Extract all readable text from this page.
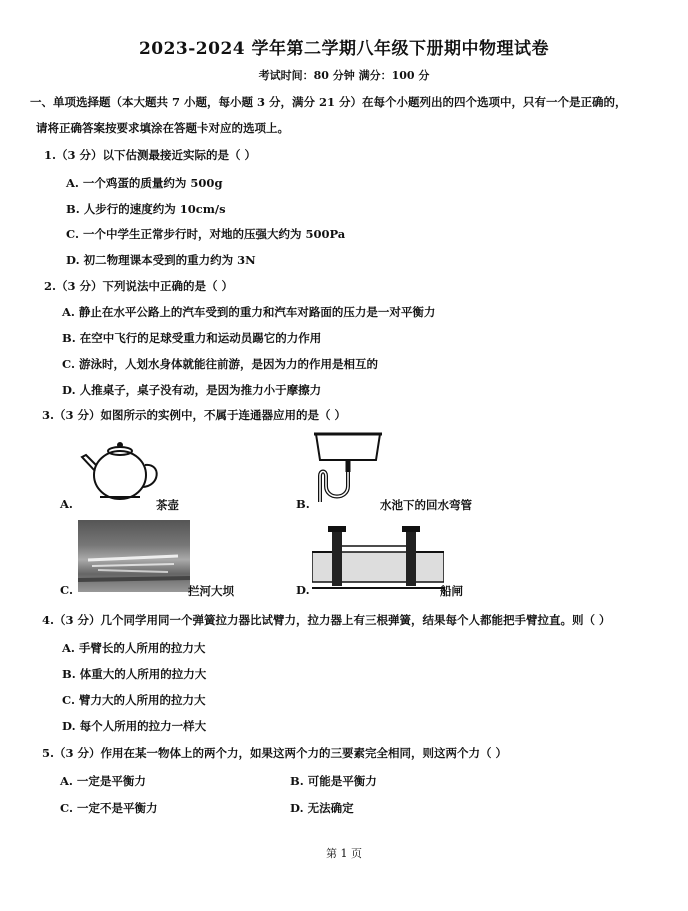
2023-2024 学年第二学期八年级下册期中物理试卷
考试时间：80 分钟 满分：100 分
一、单项选择题（本大题共 7 小题，每小题 3 分，满分 21 分）在每个小题列出的四个选项中，只有一个是正确的，
请将正确答案按要求填涂在答题卡对应的选项上。
1.（3 分）以下估测最接近实际的是（ ）
A. 一个鸡蛋的质量约为 500g
B. 人步行的速度约为 10cm/s
C. 一个中学生正常步行时，对地的压强大约为 500Pa
D. 初二物理课本受到的重力约为 3N
2.（3 分）下列说法中正确的是（ ）
A. 静止在水平公路上的汽车受到的重力和汽车对路面的压力是一对平衡力
B. 在空中飞行的足球受重力和运动员踢它的力作用
C. 游泳时，人划水身体就能往前游，是因为力的作用是相互的
D. 人推桌子，桌子没有动，是因为推力小于摩擦力
3.（3 分）如图所示的实例中，不属于连通器应用的是（ ）
A.	茶壶	B.	水池下的回水弯管
C.	拦河大坝	D.	船闸
4.（3 分）几个同学用同一个弹簧拉力器比试臂力，拉力器上有三根弹簧，结果每个人都能把手臂拉直。则（ ）
A. 手臂长的人所用的拉力大
B. 体重大的人所用的拉力大
C. 臂力大的人所用的拉力大
D. 每个人所用的拉力一样大
5.（3 分）作用在某一物体上的两个力，如果这两个力的三要素完全相同，则这两个力（ ）
A. 一定是平衡力	B. 可能是平衡力
C. 一定不是平衡力	D. 无法确定
第 1 页
